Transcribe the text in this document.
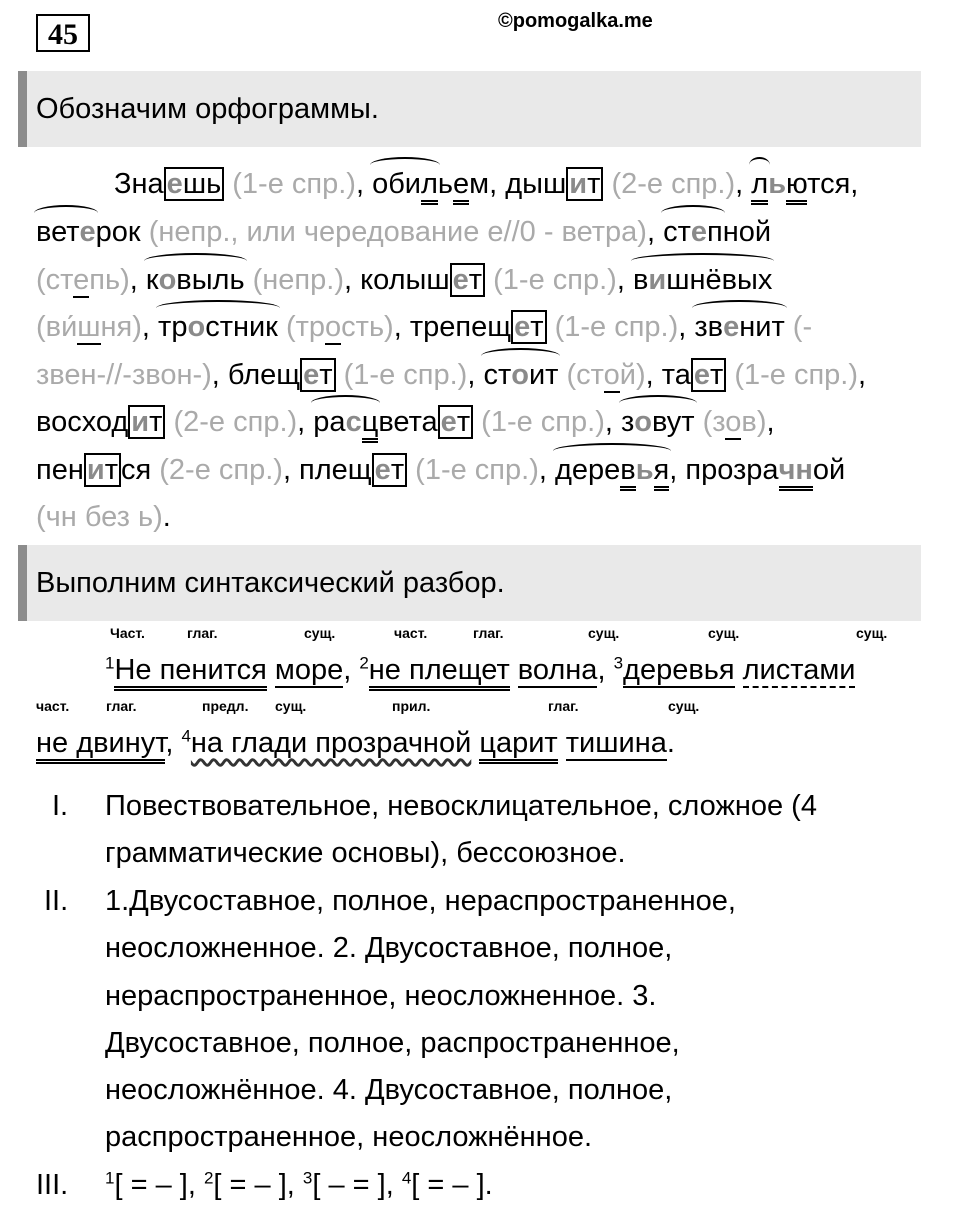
45	©pomogalka.me
Обозначим орфограммы.
Зна ешь (1-е спр.), обильем, дыш ит (2-е спр.), льются,
ветерок (непр., или чередование е//0 - ветра), степной
(степь), ковыль (непр.), колыш ет (1-е спр.), вишнёвых
(ви́шня), тростник (трость), трепещ ет (1-е спр.), звенит (-
звен-//-звон-), блещ ет (1-е спр.), стоит (стой), та ет (1-е спр.),
восход ит (2-е спр.), расцвета ет (1-е спр.), зовут (зов),
пен ит ся (2-е спр.), плещ ет (1-е спр.), деревья, прозрачной
(чн без ь).
Выполним синтаксический разбор.
Част.	глаг.	сущ.	част.	глаг.	сущ.	сущ.	сущ.
$^1$Не пенится море, $^2$не плещет волна, $^3$деревья листами
част.	глаг.	предл. сущ.	прил.	глаг.	сущ.
не двинут, $^4$на глади прозрачной царит тишина.
I. Повествовательное, невосклицательное, сложное (4
грамматические основы), бессоюзное.
II. 1.Двусоставное, полное, нераспространенное,
неосложненное. 2. Двусоставное, полное,
нераспространенное, неосложненное. 3.
Двусоставное, полное, распространенное,
неосложнённое. 4. Двусоставное, полное,
распространенное, неосложнённое.
III. $^1$[ = – ], $^2$[ = – ], $^3$[ – = ], $^4$[ = – ].
